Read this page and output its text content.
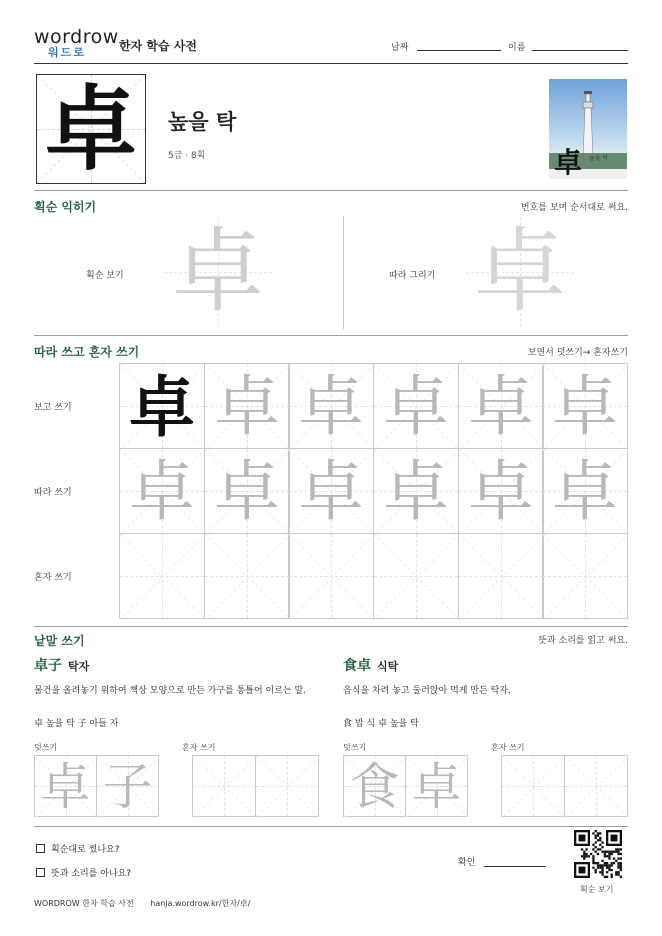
wordrow
워드로	한자 학습 사전	날짜	이름
卓	높을 탁
5급 · 8획	卓 높을 탁
획순 익히기	번호를 보며 순서대로 써요.
획순 보기	따라 그리기
卓 卓
따라 쓰고 혼자 쓰기	보면서 덧쓰기→ 혼자쓰기
보고 쓰기
따라 쓰기
혼자 쓰기
卓 卓 卓 卓 卓 卓
卓 卓 卓 卓 卓 卓
낱말 쓰기	뜻과 소리를 읽고 써요.
卓子 탁자
물건을 올려놓기 위하여 책상 모양으로 만든 가구를 통틀어 이르는 말.
卓 높을 탁 子 아들 자
덧쓰기	혼자 쓰기
卓 子
食卓 식탁
음식을 차려 놓고 둘러앉아 먹게 만든 탁자.
食 밥 식 卓 높을 탁
덧쓰기	혼자 쓰기
食 卓
획순대로 썼나요?
뜻과 소리를 아나요?
확인
획순 보기
WORDROW 한자 학습 사전 hanja.wordrow.kr/한자/卓/
